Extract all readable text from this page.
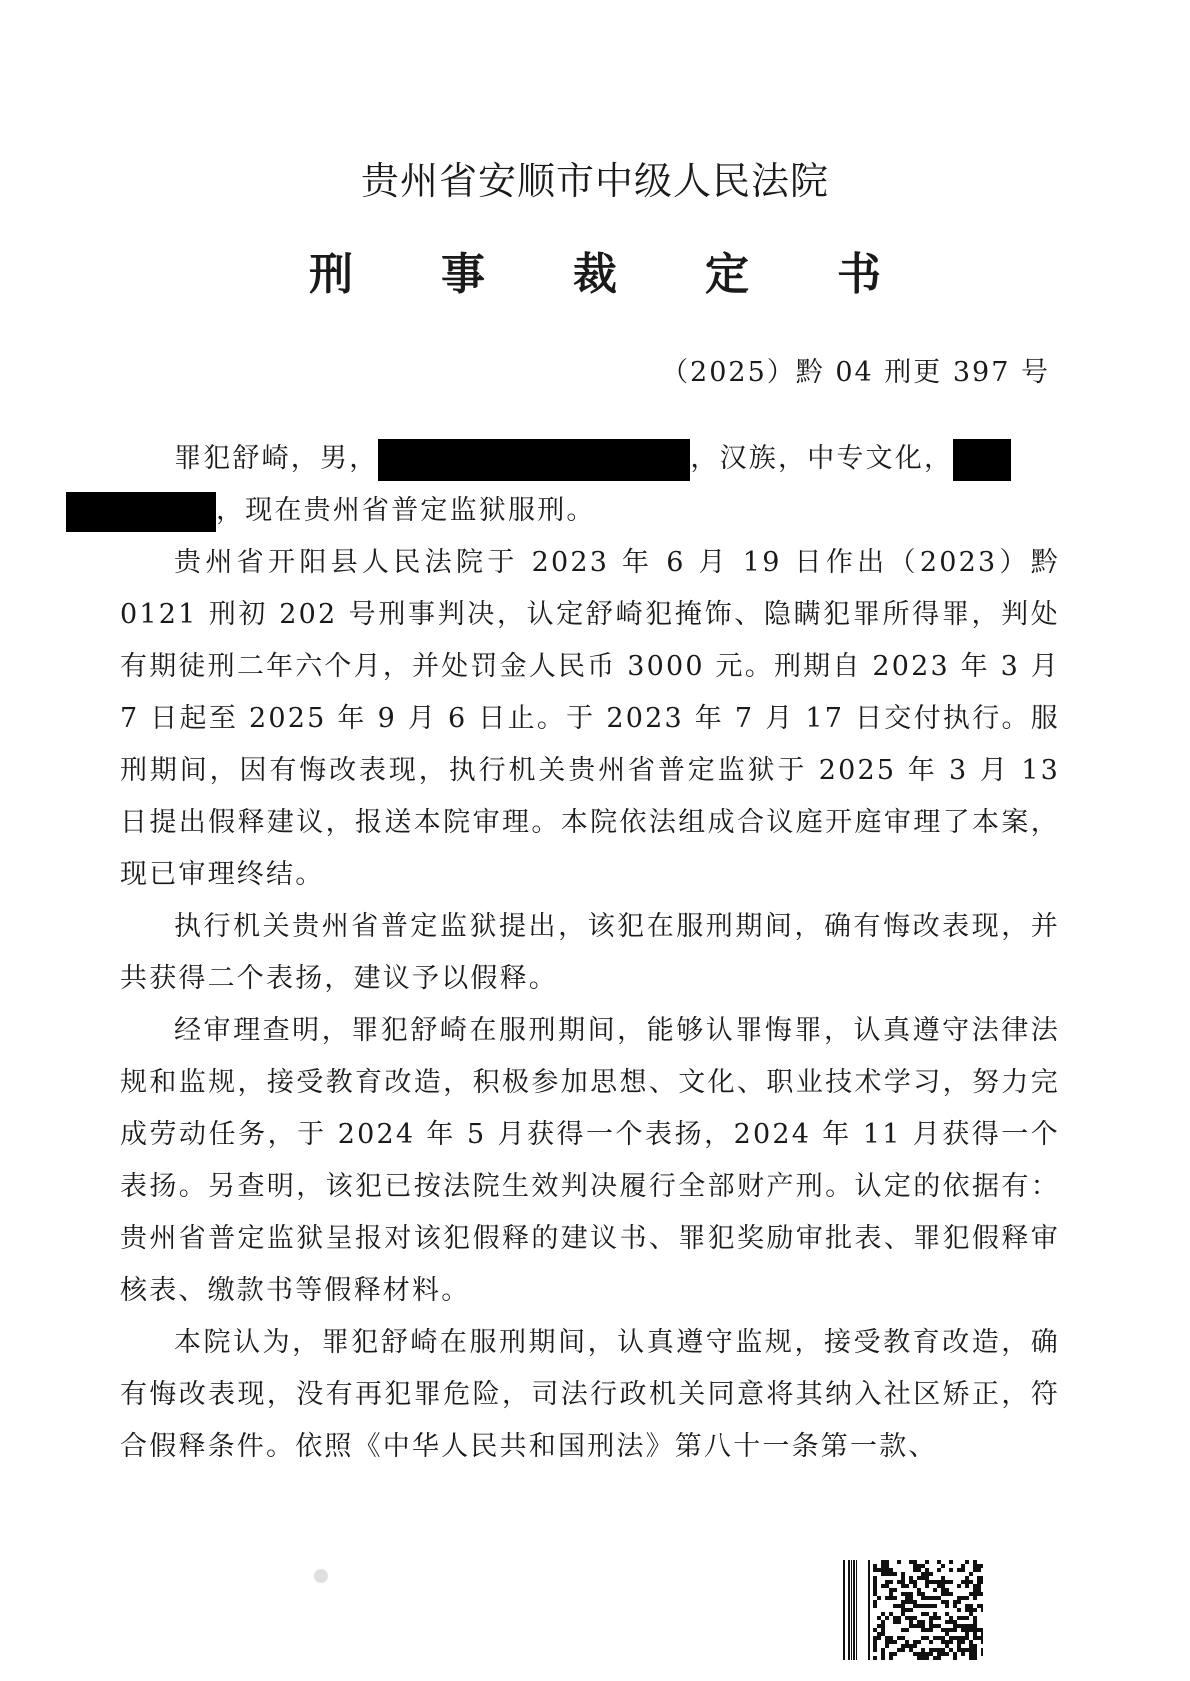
贵州省安顺市中级人民法院
刑事裁定书
（2025）黔 04 刑更 397 号

罪犯舒崎，男，	，汉族，中专文化，
，现在贵州省普定监狱服刑。

贵州省开阳县人民法院于 2023 年 6 月 19 日作出（2023）黔 0121 刑初 202 号刑事判决，认定舒崎犯掩饰、隐瞒犯罪所得罪，判处有期徒刑二年六个月，并处罚金人民币 3000 元。刑期自 2023 年 3 月 7 日起至 2025 年 9 月 6 日止。于 2023 年 7 月 17 日交付执行。服刑期间，因有悔改表现，执行机关贵州省普定监狱于 2025 年 3 月 13 日提出假释建议，报送本院审理。本院依法组成合议庭开庭审理了本案，现已审理终结。

执行机关贵州省普定监狱提出，该犯在服刑期间，确有悔改表现，并共获得二个表扬，建议予以假释。

经审理查明，罪犯舒崎在服刑期间，能够认罪悔罪，认真遵守法律法规和监规，接受教育改造，积极参加思想、文化、职业技术学习，努力完成劳动任务，于 2024 年 5 月获得一个表扬，2024 年 11 月获得一个表扬。另查明，该犯已按法院生效判决履行全部财产刑。认定的依据有：贵州省普定监狱呈报对该犯假释的建议书、罪犯奖励审批表、罪犯假释审核表、缴款书等假释材料。

本院认为，罪犯舒崎在服刑期间，认真遵守监规，接受教育改造，确有悔改表现，没有再犯罪危险，司法行政机关同意将其纳入社区矫正，符合假释条件。依照《中华人民共和国刑法》第八十一条第一款、
